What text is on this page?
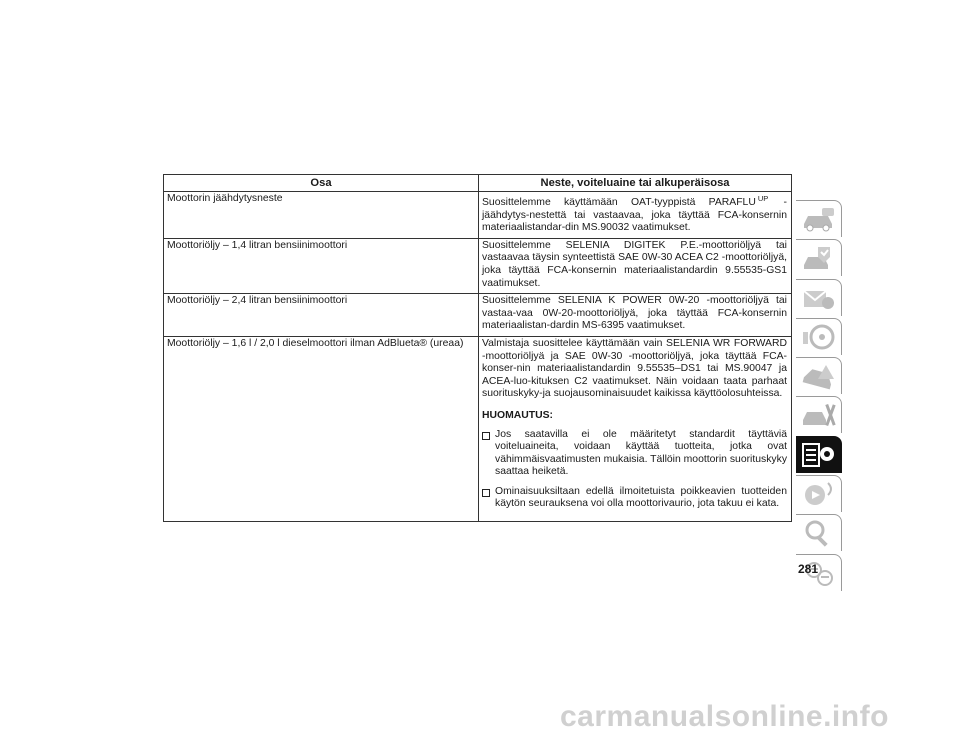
Osa	Neste, voiteluaine tai alkuperäisosa
Moottorin jäähdytysneste	Suosittelemme käyttämään OAT-tyyppistä PARAFLU $^{UP}$ -jäähdytys-nestettä tai vastaavaa, joka täyttää FCA-konsernin materiaalistandar-din MS.90032 vaatimukset.
Moottoriöljy – 1,4 litran bensiinimoottori	Suosittelemme SELENIA DIGITEK P.E.-moottoriöljyä tai vastaavaa täysin synteettistä SAE 0W-30 ACEA C2 -moottoriöljyä, joka täyttää FCA-konsernin materiaalistandardin 9.55535-GS1 vaatimukset.
Moottoriöljy – 2,4 litran bensiinimoottori	Suosittelemme SELENIA K POWER 0W-20 -moottoriöljyä tai vastaa-vaa 0W-20-moottoriöljyä, joka täyttää FCA-konsernin materiaalistan-dardin MS-6395 vaatimukset.
Moottoriöljy – 1,6 l / 2,0 l dieselmoottori ilman AdBlueta® (ureaa)	Valmistaja suosittelee käyttämään vain SELENIA WR FORWARD -moottoriöljyä ja SAE 0W-30 -moottoriöljyä, joka täyttää FCA-konser-nin materiaalistandardin 9.55535–DS1 tai MS.90047 ja ACEA-luo-kituksen C2 vaatimukset. Näin voidaan taata parhaat suorituskyky-ja suojausominaisuudet kaikissa käyttöolosuhteissa.
HUOMAUTUS:
Jos saatavilla ei ole määritetyt standardit täyttäviä voiteluaineita, voidaan käyttää tuotteita, jotka ovat vähimmäisvaatimusten mukaisia. Tällöin moottorin suorituskyky saattaa heiketä.
Ominaisuuksiltaan edellä ilmoitetuista poikkeavien tuotteiden käytön seurauksena voi olla moottorivaurio, jota takuu ei kata.
281
carmanualsonline.info
